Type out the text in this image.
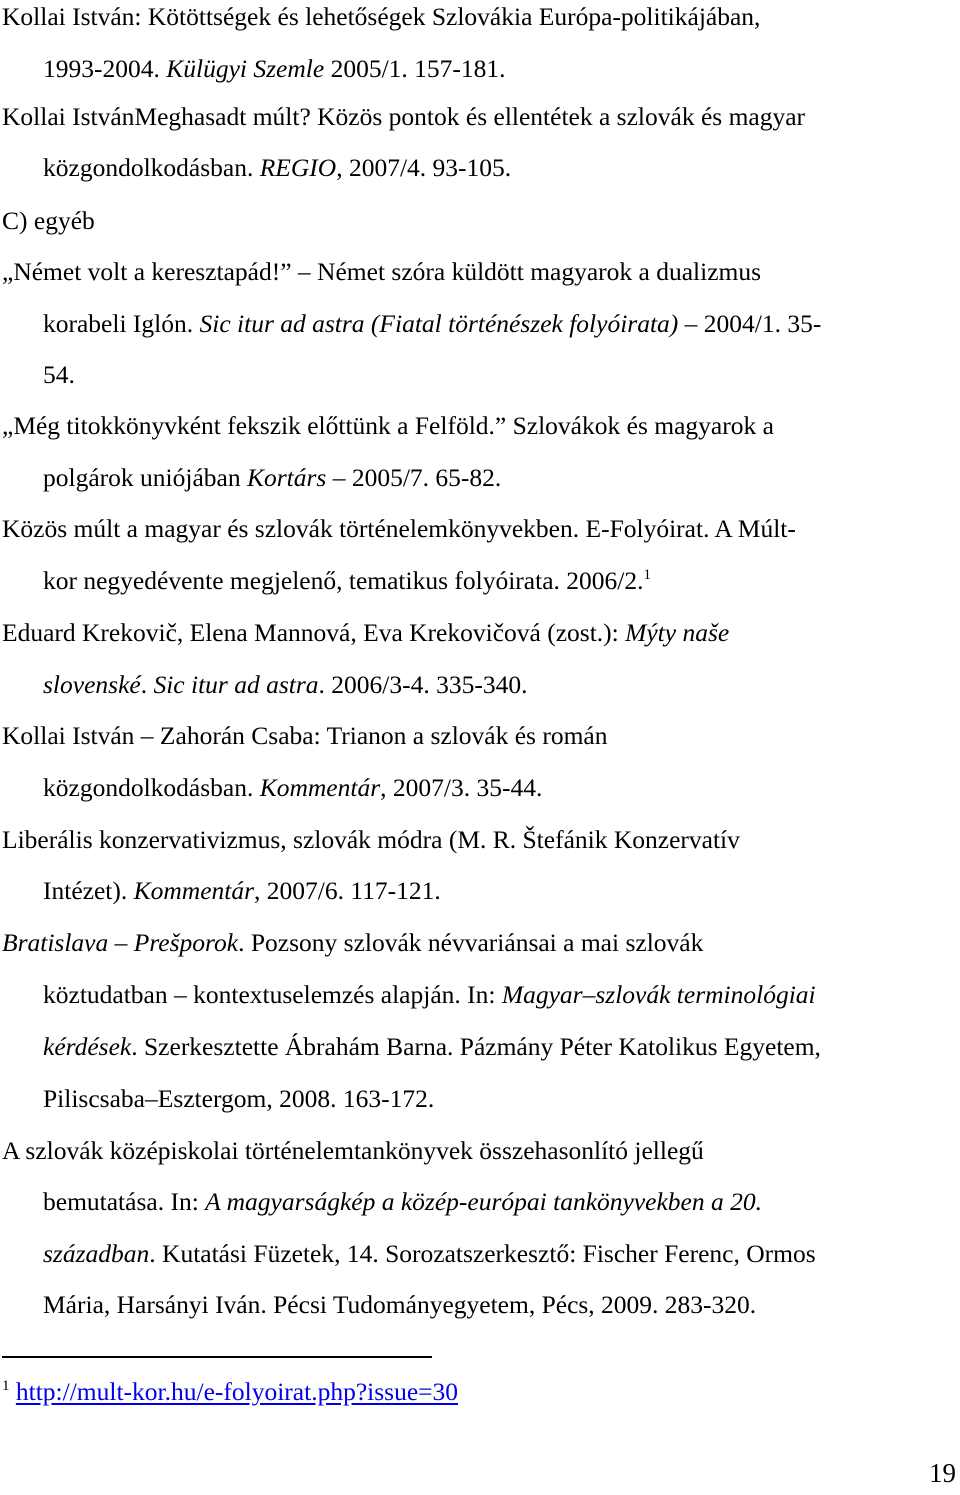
Kollai István: Kötöttségek és lehetőségek Szlovákia Európa-politikájában,
1993-2004. Külügyi Szemle 2005/1. 157-181.
Kollai IstvánMeghasadt múlt? Közös pontok és ellentétek a szlovák és magyar
közgondolkodásban. REGIO, 2007/4. 93-105.
C) egyéb
„Német volt a keresztapád!” – Német szóra küldött magyarok a dualizmus
korabeli Iglón. Sic itur ad astra (Fiatal történészek folyóirata) – 2004/1. 35-
54.
„Még titokkönyvként fekszik előttünk a Felföld.” Szlovákok és magyarok a
polgárok uniójában Kortárs – 2005/7. 65-82.
Közös múlt a magyar és szlovák történelemkönyvekben. E-Folyóirat. A Múlt-
kor negyedévente megjelenő, tematikus folyóirata. 2006/2.$^1$
Eduard Krekovič, Elena Mannová, Eva Krekovičová (zost.): Mýty naše
slovenské. Sic itur ad astra. 2006/3-4. 335-340.
Kollai István – Zahorán Csaba: Trianon a szlovák és román
közgondolkodásban. Kommentár, 2007/3. 35-44.
Liberális konzervativizmus, szlovák módra (M. R. Štefánik Konzervatív
Intézet). Kommentár, 2007/6. 117-121.
Bratislava – Prešporok. Pozsony szlovák névvariánsai a mai szlovák
köztudatban – kontextuselemzés alapján. In: Magyar–szlovák terminológiai
kérdések. Szerkesztette Ábrahám Barna. Pázmány Péter Katolikus Egyetem,
Piliscsaba–Esztergom, 2008. 163-172.
A szlovák középiskolai történelemtankönyvek összehasonlító jellegű
bemutatása. In: A magyarságkép a közép-európai tankönyvekben a 20.
században. Kutatási Füzetek, 14. Sorozatszerkesztő: Fischer Ferenc, Ormos
Mária, Harsányi Iván. Pécsi Tudományegyetem, Pécs, 2009. 283-320.
$^1$ http://mult-kor.hu/e-folyoirat.php?issue=30
19
